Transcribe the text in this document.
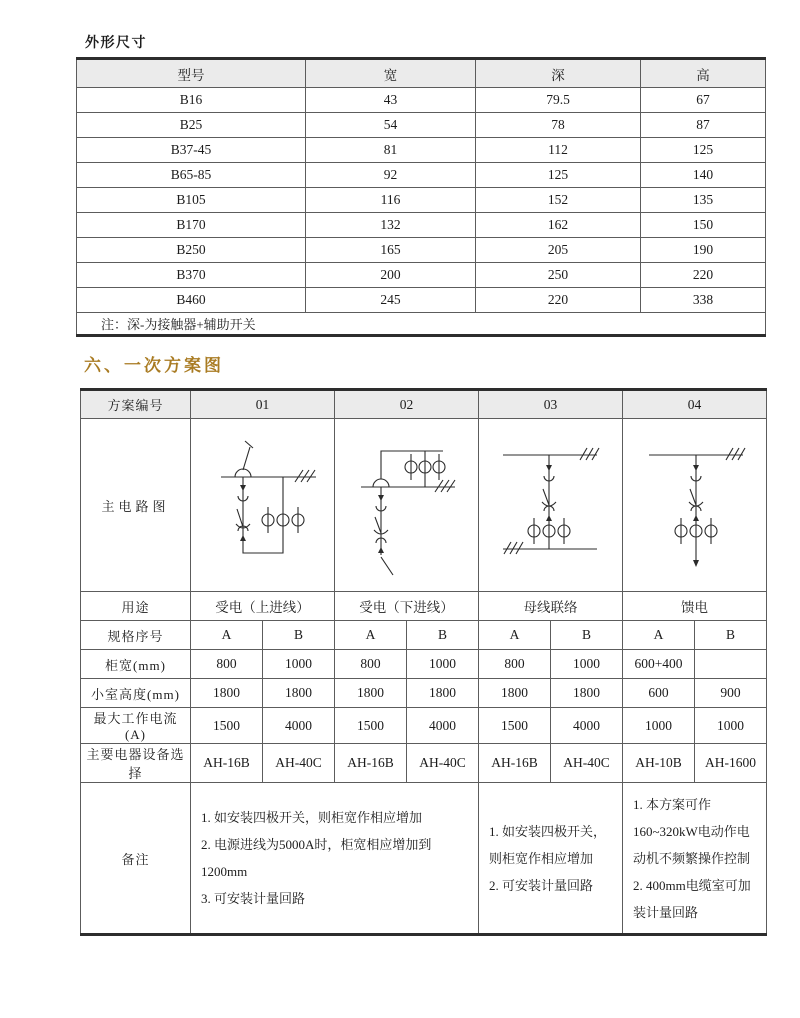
外形尺寸
型号	宽	深	高
B16	43	79.5	67
B25	54	78	87
B37-45	81	112	125
B65-85	92	125	140
B105	116	152	135
B170	132	162	150
B250	165	205	190
B370	200	250	220
B460	245	220	338
注：深-为接触器+辅助开关			
六、一次方案图
方案编号	01		02		03		04	
主电路图	

用途	受电（上进线）		受电（下进线）		母线联络		馈电	
规格序号	A	B	A	B	A	B	A	B
柜宽(mm)	800	1000	800	1000	800	1000	600+400	
小室高度(mm)	1800	1800	1800	1800	1800	1800	600	900
最大工作电流(A)	1500	4000	1500	4000	1500	4000	1000	1000
主要电器设备选择	AH-16B	AH-40C	AH-16B	AH-40C	AH-16B	AH-40C	AH-10B	AH-1600
备注	
1. 如安装四极开关，则柜宽作相应增加
2. 电源进线为5000A时，柜宽相应增加到1200mm
3. 可安装计量回路

1. 如安装四极开关，则柜宽作相应增加
2. 可安装计量回路

1. 本方案可作160~320kW电动作电动机不频繁操作控制
2. 400mm电缆室可加装计量回路
